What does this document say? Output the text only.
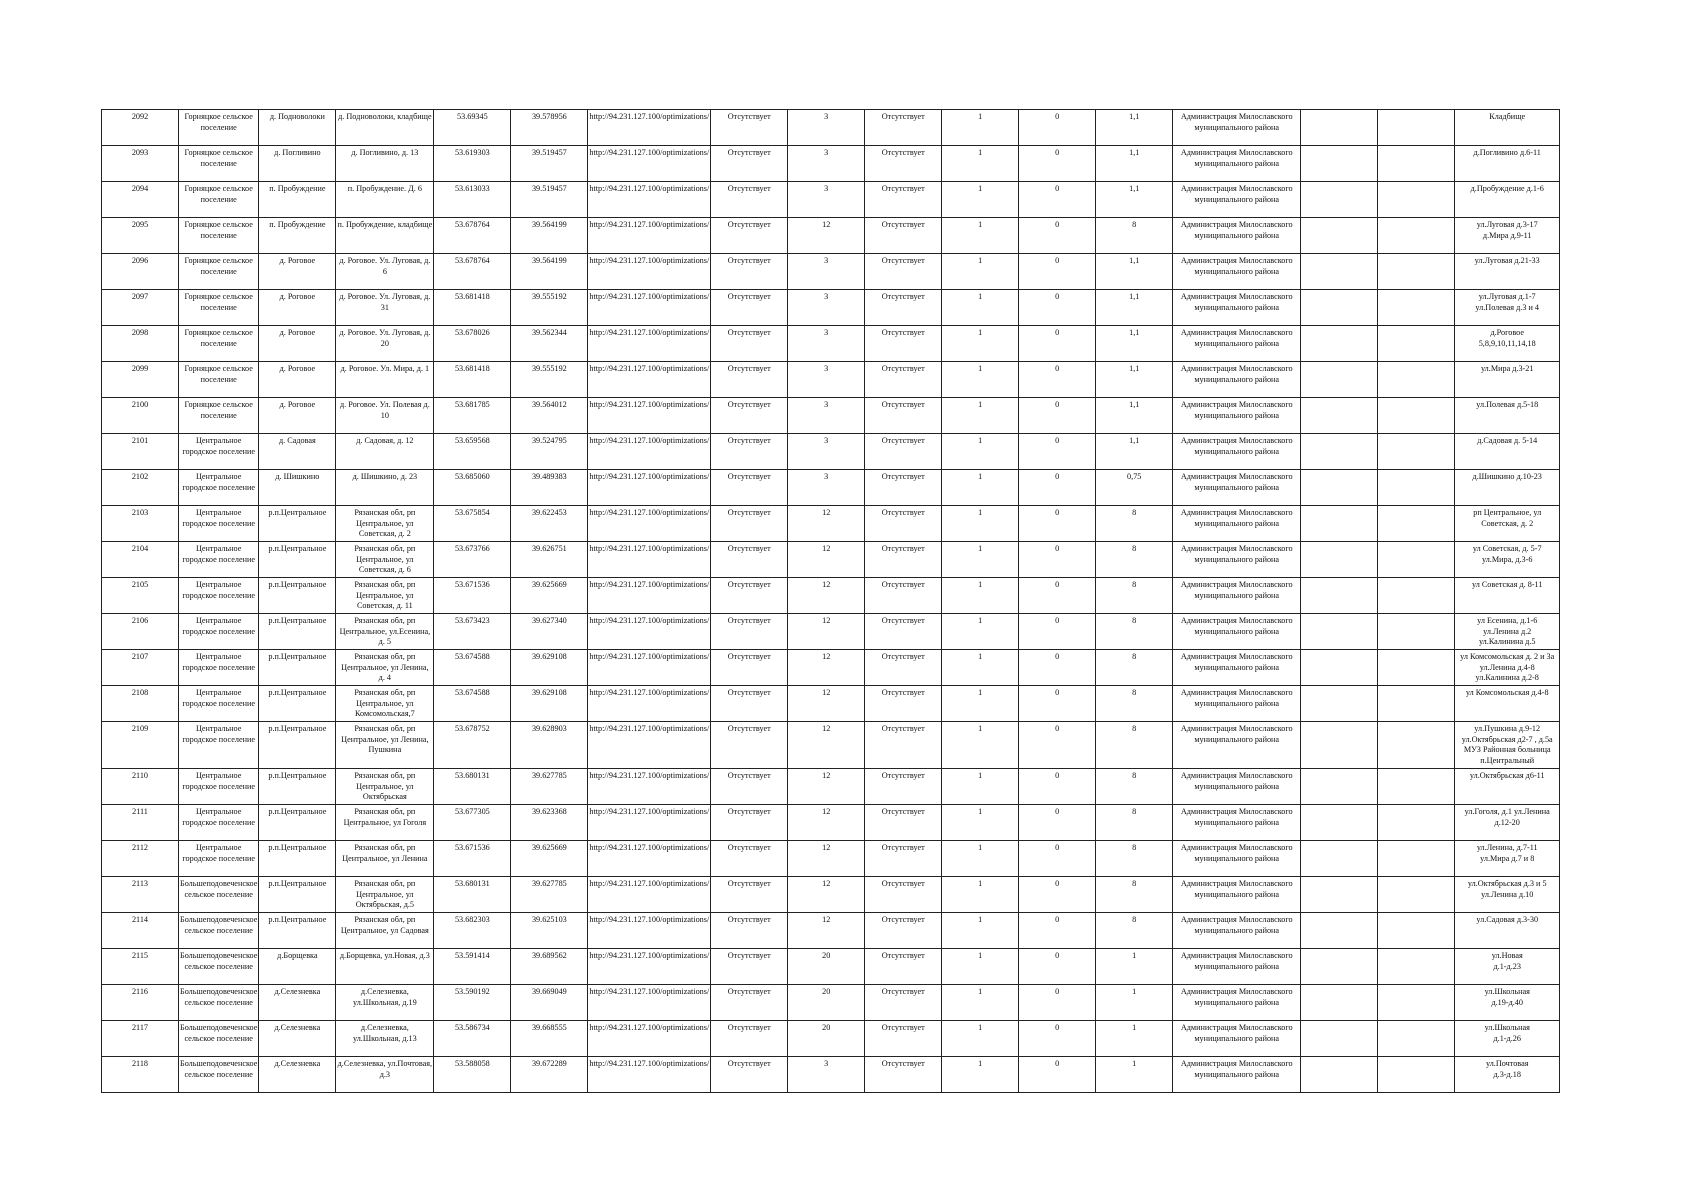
2092	Горняцкое сельское поселение	д. Подноволоки	д. Подноволоки, кладбище	53.69345	39.578956	http://94.231.127.100/optimizations/	Отсутствует	3	Отсутствует	1	0	1,1	Администрация Милославского муниципального района			Кладбище
2093	Горняцкое сельское поселение	д. Погливино	д. Погливино, д. 13	53.619303	39.519457	http://94.231.127.100/optimizations/	Отсутствует	3	Отсутствует	1	0	1,1	Администрация Милославского муниципального района			д.Погливино д.6-11
2094	Горняцкое сельское поселение	п. Пробуждение	п. Пробуждение. Д. 6	53.613033	39.519457	http://94.231.127.100/optimizations/	Отсутствует	3	Отсутствует	1	0	1,1	Администрация Милославского муниципального района			д.Пробуждение д.1-6
2095	Горняцкое сельское поселение	п. Пробуждение	п. Пробуждение, кладбище	53.678764	39.564199	http://94.231.127.100/optimizations/	Отсутствует	12	Отсутствует	1	0	8	Администрация Милославского муниципального района			ул.Луговая д.3-17
д.Мира д.9-11
2096	Горняцкое сельское поселение	д. Роговое	д. Роговое. Ул. Луговая, д. 6	53.678764	39.564199	http://94.231.127.100/optimizations/	Отсутствует	3	Отсутствует	1	0	1,1	Администрация Милославского муниципального района			ул.Луговая д.21-33
2097	Горняцкое сельское поселение	д. Роговое	д. Роговое. Ул. Луговая, д. 31	53.681418	39.555192	http://94.231.127.100/optimizations/	Отсутствует	3	Отсутствует	1	0	1,1	Администрация Милославского муниципального района			ул.Луговая д.1-7
ул.Полевая д.3 и 4
2098	Горняцкое сельское поселение	д. Роговое	д. Роговое. Ул. Луговая, д. 20	53.678026	39.562344	http://94.231.127.100/optimizations/	Отсутствует	3	Отсутствует	1	0	1,1	Администрация Милославского муниципального района			д.Роговое
5,8,9,10,11,14,18
2099	Горняцкое сельское поселение	д. Роговое	д. Роговое. Ул. Мира, д. 1	53.681418	39.555192	http://94.231.127.100/optimizations/	Отсутствует	3	Отсутствует	1	0	1,1	Администрация Милославского муниципального района			ул.Мира д.3-21
2100	Горняцкое сельское поселение	д. Роговое	д. Роговое. Ул. Полевая д. 10	53.681785	39.564012	http://94.231.127.100/optimizations/	Отсутствует	3	Отсутствует	1	0	1,1	Администрация Милославского муниципального района			ул.Полевая д.5-18
2101	Центральное городское поселение	д. Садовая	д. Садовая, д. 12	53.659568	39.524795	http://94.231.127.100/optimizations/	Отсутствует	3	Отсутствует	1	0	1,1	Администрация Милославского муниципального района			д.Садовая д. 5-14
2102	Центральное городское поселение	д. Шишкино	д. Шишкино, д. 23	53.685060	39.489383	http://94.231.127.100/optimizations/	Отсутствует	3	Отсутствует	1	0	0,75	Администрация Милославского муниципального района			д.Шишкино д.10-23
2103	Центральное городское поселение	р.п.Центральное	Рязанская обл, рп Центральное, ул Советская, д. 2	53.675854	39.622453	http://94.231.127.100/optimizations/	Отсутствует	12	Отсутствует	1	0	8	Администрация Милославского муниципального района			рп Центральное, ул Советская, д. 2
2104	Центральное городское поселение	р.п.Центральное	Рязанская обл, рп Центральное, ул Советская, д. 6	53.673766	39.626751	http://94.231.127.100/optimizations/	Отсутствует	12	Отсутствует	1	0	8	Администрация Милославского муниципального района			ул Советская, д. 5-7
ул.Мира, д.3-6
2105	Центральное городское поселение	р.п.Центральное	Рязанская обл, рп Центральное, ул Советская, д. 11	53.671536	39.625669	http://94.231.127.100/optimizations/	Отсутствует	12	Отсутствует	1	0	8	Администрация Милославского муниципального района			ул Советская д. 8-11
2106	Центральное городское поселение	р.п.Центральное	Рязанская обл, рп Центральное, ул.Есенина, д. 5	53.673423	39.627340	http://94.231.127.100/optimizations/	Отсутствует	12	Отсутствует	1	0	8	Администрация Милославского муниципального района			ул Есенина, д.1-6
ул.Ленина д.2
ул.Калинина д.5
2107	Центральное городское поселение	р.п.Центральное	Рязанская обл, рп Центральное, ул Ленина, д. 4	53.674588	39.629108	http://94.231.127.100/optimizations/	Отсутствует	12	Отсутствует	1	0	8	Администрация Милославского муниципального района			ул Комсомольская д. 2 и 3а ул.Ленина д.4-8
ул.Калинина д.2-8
2108	Центральное городское поселение	р.п.Центральное	Рязанская обл, рп Центральное, ул Комсомольская,7	53.674588	39.629108	http://94.231.127.100/optimizations/	Отсутствует	12	Отсутствует	1	0	8	Администрация Милославского муниципального района			ул Комсомольская д.4-8
2109	Центральное городское поселение	р.п.Центральное	Рязанская обл, рп Центральное, ул Ленина, Пушкина	53.678752	39.628903	http://94.231.127.100/optimizations/	Отсутствует	12	Отсутствует	1	0	8	Администрация Милославского муниципального района			ул.Пушкина д.9-12
ул.Октябрьская д2-7 , д.5а МУЗ Районная больница п.Центральный
2110	Центральное городское поселение	р.п.Центральное	Рязанская обл, рп Центральное, ул Октябрьская	53.680131	39.627785	http://94.231.127.100/optimizations/	Отсутствует	12	Отсутствует	1	0	8	Администрация Милославского муниципального района			ул.Октябрьская д6-11
2111	Центральное городское поселение	р.п.Центральное	Рязанская обл, рп Центральное, ул Гоголя	53.677305	39.623368	http://94.231.127.100/optimizations/	Отсутствует	12	Отсутствует	1	0	8	Администрация Милославского муниципального района			ул.Гоголя, д.1 ул.Ленина д.12-20
2112	Центральное городское поселение	р.п.Центральное	Рязанская обл, рп Центральное, ул Ленина	53.671536	39.625669	http://94.231.127.100/optimizations/	Отсутствует	12	Отсутствует	1	0	8	Администрация Милославского муниципального района			ул.Ленина, д.7-11
ул.Мира д.7 и 8
2113	Большеподовеченское сельское поселение	р.п.Центральное	Рязанская обл, рп Центральное, ул Октябрьская, д.5	53.680131	39.627785	http://94.231.127.100/optimizations/	Отсутствует	12	Отсутствует	1	0	8	Администрация Милославского муниципального района			ул.Октябрьская д.3 и 5
ул.Ленина д.10
2114	Большеподовеченское сельское поселение	р.п.Центральное	Рязанская обл, рп Центральное, ул Садовая	53.682303	39.625103	http://94.231.127.100/optimizations/	Отсутствует	12	Отсутствует	1	0	8	Администрация Милославского муниципального района			ул.Садовая д.3-30
2115	Большеподовеченское сельское поселение	д.Борщевка	д.Борщевка, ул.Новая, д.3	53.591414	39.689562	http://94.231.127.100/optimizations/	Отсутствует	20	Отсутствует	1	0	1	Администрация Милославского муниципального района			ул.Новая
д.1-д.23
2116	Большеподовеченское сельское поселение	д.Селезневка	д.Селезневка, ул.Школьная, д.19	53.590192	39.669049	http://94.231.127.100/optimizations/	Отсутствует	20	Отсутствует	1	0	1	Администрация Милославского муниципального района			ул.Школьная
д.19-д.40
2117	Большеподовеченское сельское поселение	д.Селезневка	д.Селезневка, ул.Школьная, д.13	53.586734	39.668555	http://94.231.127.100/optimizations/	Отсутствует	20	Отсутствует	1	0	1	Администрация Милославского муниципального района			ул.Школьная
д.1-д.26
2118	Большеподовеченское сельское поселение	д.Селезневка	д.Селезневка, ул.Почтовая, д.3	53.588058	39.672289	http://94.231.127.100/optimizations/	Отсутствует	3	Отсутствует	1	0	1	Администрация Милославского муниципального района			ул.Почтовая
д.3-д.18
